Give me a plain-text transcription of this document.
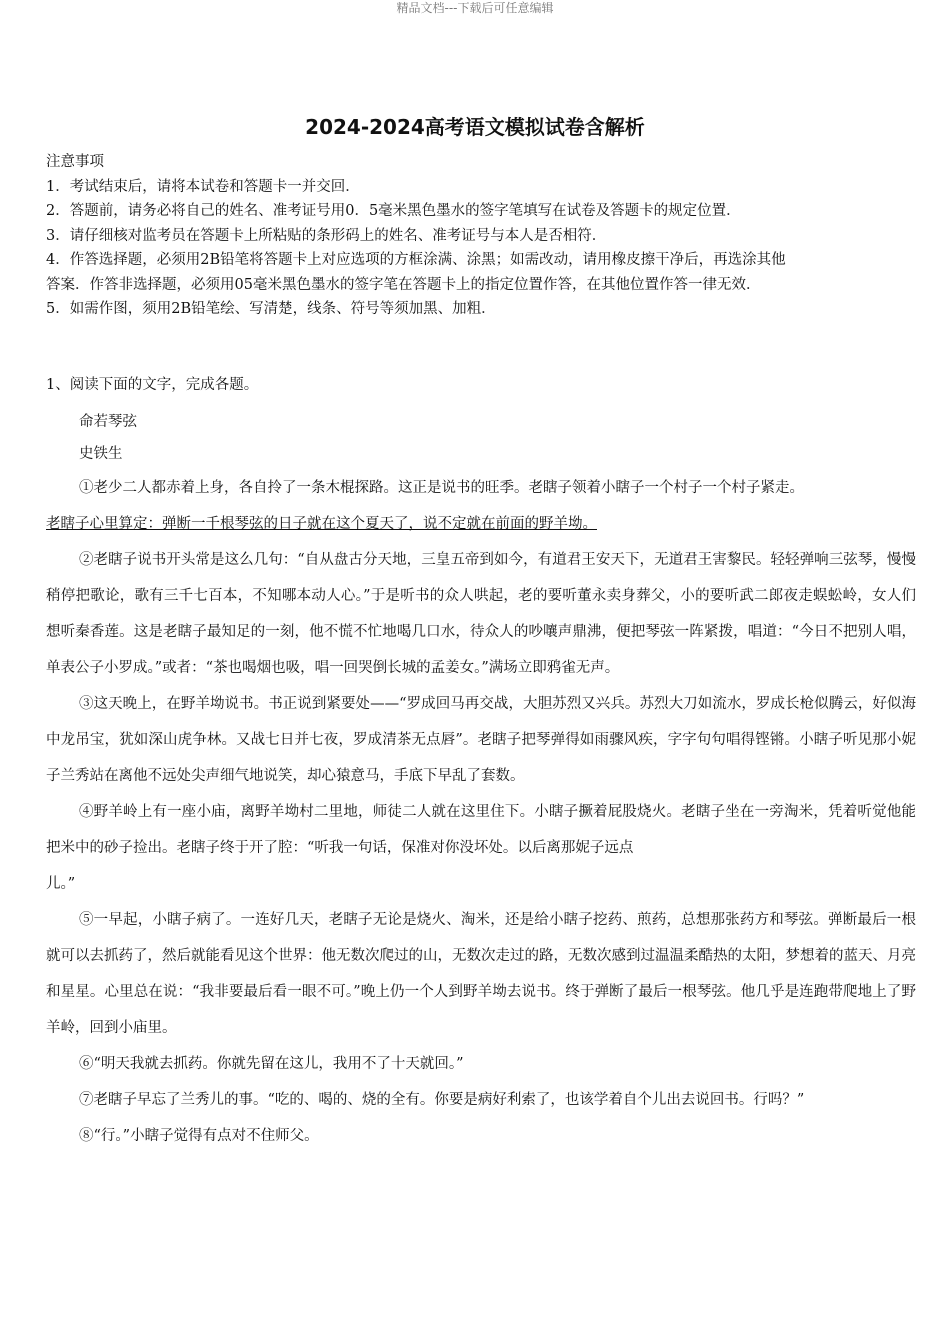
精品文档---下载后可任意编辑
2024-2024高考语文模拟试卷含解析
注意事项
1．考试结束后，请将本试卷和答题卡一并交回．
2．答题前，请务必将自己的姓名、准考证号用0．5毫米黑色墨水的签字笔填写在试卷及答题卡的规定位置．
3．请仔细核对监考员在答题卡上所粘贴的条形码上的姓名、准考证号与本人是否相符．
4．作答选择题，必须用2B铅笔将答题卡上对应选项的方框涂满、涂黑；如需改动，请用橡皮擦干净后，再选涂其他
答案．作答非选择题，必须用05毫米黑色墨水的签字笔在答题卡上的指定位置作答，在其他位置作答一律无效．
5．如需作图，须用2B铅笔绘、写清楚，线条、符号等须加黑、加粗．

1、阅读下面的文字，完成各题。

命若琴弦

史铁生

①老少二人都赤着上身，各自拎了一条木棍探路。这正是说书的旺季。老瞎子领着小瞎子一个村子一个村子紧走。
老瞎子心里算定：弹断一千根琴弦的日子就在这个夏天了，说不定就在前面的野羊坳。

②老瞎子说书开头常是这么几句：“自从盘古分天地，三皇五帝到如今，有道君王安天下，无道君王害黎民。轻轻弹响三弦琴，慢慢稍停把歌论，歌有三千七百本，不知哪本动人心。”于是听书的众人哄起，老的要听董永卖身葬父，小的要听武二郎夜走蜈蚣岭，女人们想听秦香莲。这是老瞎子最知足的一刻，他不慌不忙地喝几口水，待众人的吵嚷声鼎沸，便把琴弦一阵紧拨，唱道：“今日不把别人唱，单表公子小罗成。”或者：“茶也喝烟也吸，唱一回哭倒长城的孟姜女。”满场立即鸦雀无声。

③这天晚上，在野羊坳说书。书正说到紧要处——“罗成回马再交战，大胆苏烈又兴兵。苏烈大刀如流水，罗成长枪似腾云，好似海中龙吊宝，犹如深山虎争林。又战七日并七夜，罗成清茶无点唇”。老瞎子把琴弹得如雨骤风疾，字字句句唱得铿锵。小瞎子听见那小妮子兰秀站在离他不远处尖声细气地说笑，却心猿意马，手底下早乱了套数。

④野羊岭上有一座小庙，离野羊坳村二里地，师徒二人就在这里住下。小瞎子撅着屁股烧火。老瞎子坐在一旁淘米，凭着听觉他能把米中的砂子捡出。老瞎子终于开了腔：“听我一句话，保准对你没坏处。以后离那妮子远点
儿。”

⑤一早起，小瞎子病了。一连好几天，老瞎子无论是烧火、淘米，还是给小瞎子挖药、煎药，总想那张药方和琴弦。弹断最后一根就可以去抓药了，然后就能看见这个世界：他无数次爬过的山，无数次走过的路，无数次感到过温温柔酷热的太阳，梦想着的蓝天、月亮和星星。心里总在说：“我非要最后看一眼不可。”晚上仍一个人到野羊坳去说书。终于弹断了最后一根琴弦。他几乎是连跑带爬地上了野羊岭，回到小庙里。

⑥“明天我就去抓药。你就先留在这儿，我用不了十天就回。”

⑦老瞎子早忘了兰秀儿的事。“吃的、喝的、烧的全有。你要是病好利索了，也该学着自个儿出去说回书。行吗？”

⑧“行。”小瞎子觉得有点对不住师父。
